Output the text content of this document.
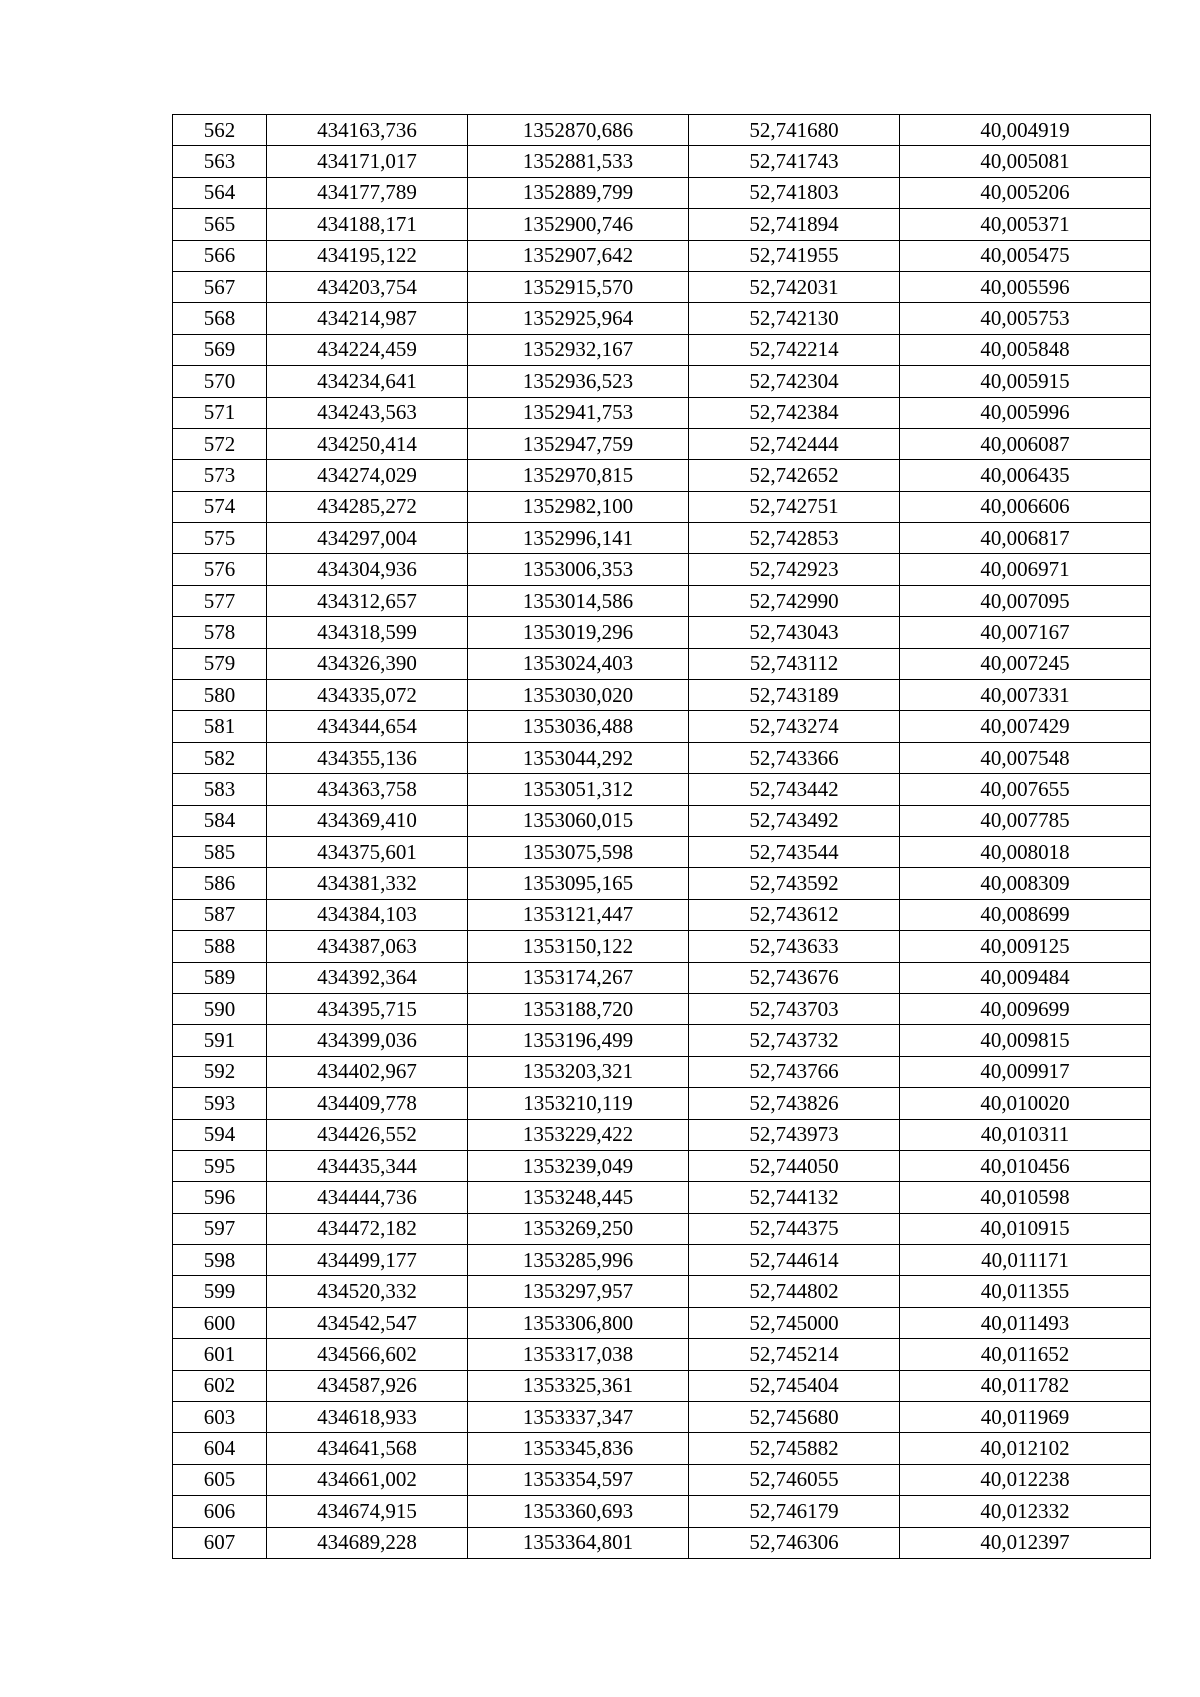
562	434163,736	1352870,686	52,741680	40,004919
563	434171,017	1352881,533	52,741743	40,005081
564	434177,789	1352889,799	52,741803	40,005206
565	434188,171	1352900,746	52,741894	40,005371
566	434195,122	1352907,642	52,741955	40,005475
567	434203,754	1352915,570	52,742031	40,005596
568	434214,987	1352925,964	52,742130	40,005753
569	434224,459	1352932,167	52,742214	40,005848
570	434234,641	1352936,523	52,742304	40,005915
571	434243,563	1352941,753	52,742384	40,005996
572	434250,414	1352947,759	52,742444	40,006087
573	434274,029	1352970,815	52,742652	40,006435
574	434285,272	1352982,100	52,742751	40,006606
575	434297,004	1352996,141	52,742853	40,006817
576	434304,936	1353006,353	52,742923	40,006971
577	434312,657	1353014,586	52,742990	40,007095
578	434318,599	1353019,296	52,743043	40,007167
579	434326,390	1353024,403	52,743112	40,007245
580	434335,072	1353030,020	52,743189	40,007331
581	434344,654	1353036,488	52,743274	40,007429
582	434355,136	1353044,292	52,743366	40,007548
583	434363,758	1353051,312	52,743442	40,007655
584	434369,410	1353060,015	52,743492	40,007785
585	434375,601	1353075,598	52,743544	40,008018
586	434381,332	1353095,165	52,743592	40,008309
587	434384,103	1353121,447	52,743612	40,008699
588	434387,063	1353150,122	52,743633	40,009125
589	434392,364	1353174,267	52,743676	40,009484
590	434395,715	1353188,720	52,743703	40,009699
591	434399,036	1353196,499	52,743732	40,009815
592	434402,967	1353203,321	52,743766	40,009917
593	434409,778	1353210,119	52,743826	40,010020
594	434426,552	1353229,422	52,743973	40,010311
595	434435,344	1353239,049	52,744050	40,010456
596	434444,736	1353248,445	52,744132	40,010598
597	434472,182	1353269,250	52,744375	40,010915
598	434499,177	1353285,996	52,744614	40,011171
599	434520,332	1353297,957	52,744802	40,011355
600	434542,547	1353306,800	52,745000	40,011493
601	434566,602	1353317,038	52,745214	40,011652
602	434587,926	1353325,361	52,745404	40,011782
603	434618,933	1353337,347	52,745680	40,011969
604	434641,568	1353345,836	52,745882	40,012102
605	434661,002	1353354,597	52,746055	40,012238
606	434674,915	1353360,693	52,746179	40,012332
607	434689,228	1353364,801	52,746306	40,012397
